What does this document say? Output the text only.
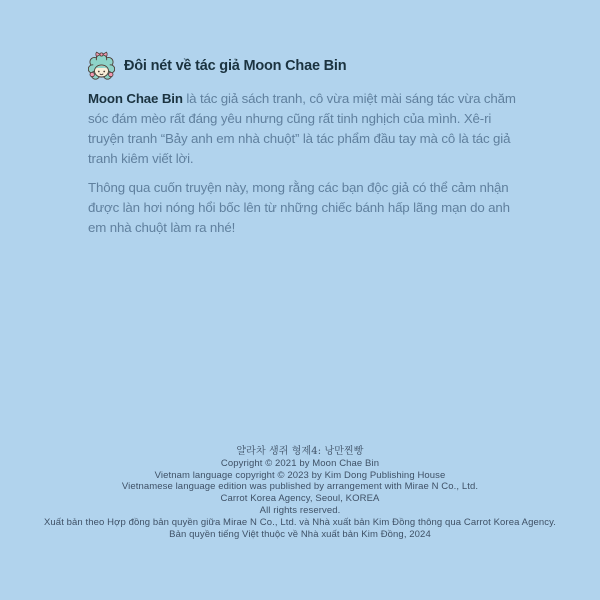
Đôi nét về tác giả Moon Chae Bin

Moon Chae Bin là tác giả sách tranh, cô vừa miệt mài sáng tác vừa chăm sóc đám mèo rất đáng yêu nhưng cũng rất tinh nghịch của mình. Xê-ri truyện tranh “Bảy anh em nhà chuột” là tác phẩm đầu tay mà cô là tác giả tranh kiêm viết lời.

Thông qua cuốn truyện này, mong rằng các bạn độc giả có thể cảm nhận được làn hơi nóng hổi bốc lên từ những chiếc bánh hấp lãng mạn do anh em nhà chuột làm ra nhé!

얄라차 생쥐 형제4: 낭만찐빵
Copyright © 2021 by Moon Chae Bin
Vietnam language copyright © 2023 by Kim Dong Publishing House
Vietnamese language edition was published by arrangement with Mirae N Co., Ltd.
Carrot Korea Agency, Seoul, KOREA
All rights reserved.
Xuất bản theo Hợp đồng bản quyền giữa Mirae N Co., Ltd. và Nhà xuất bản Kim Đồng thông qua Carrot Korea Agency.
Bản quyền tiếng Việt thuộc về Nhà xuất bản Kim Đồng, 2024
